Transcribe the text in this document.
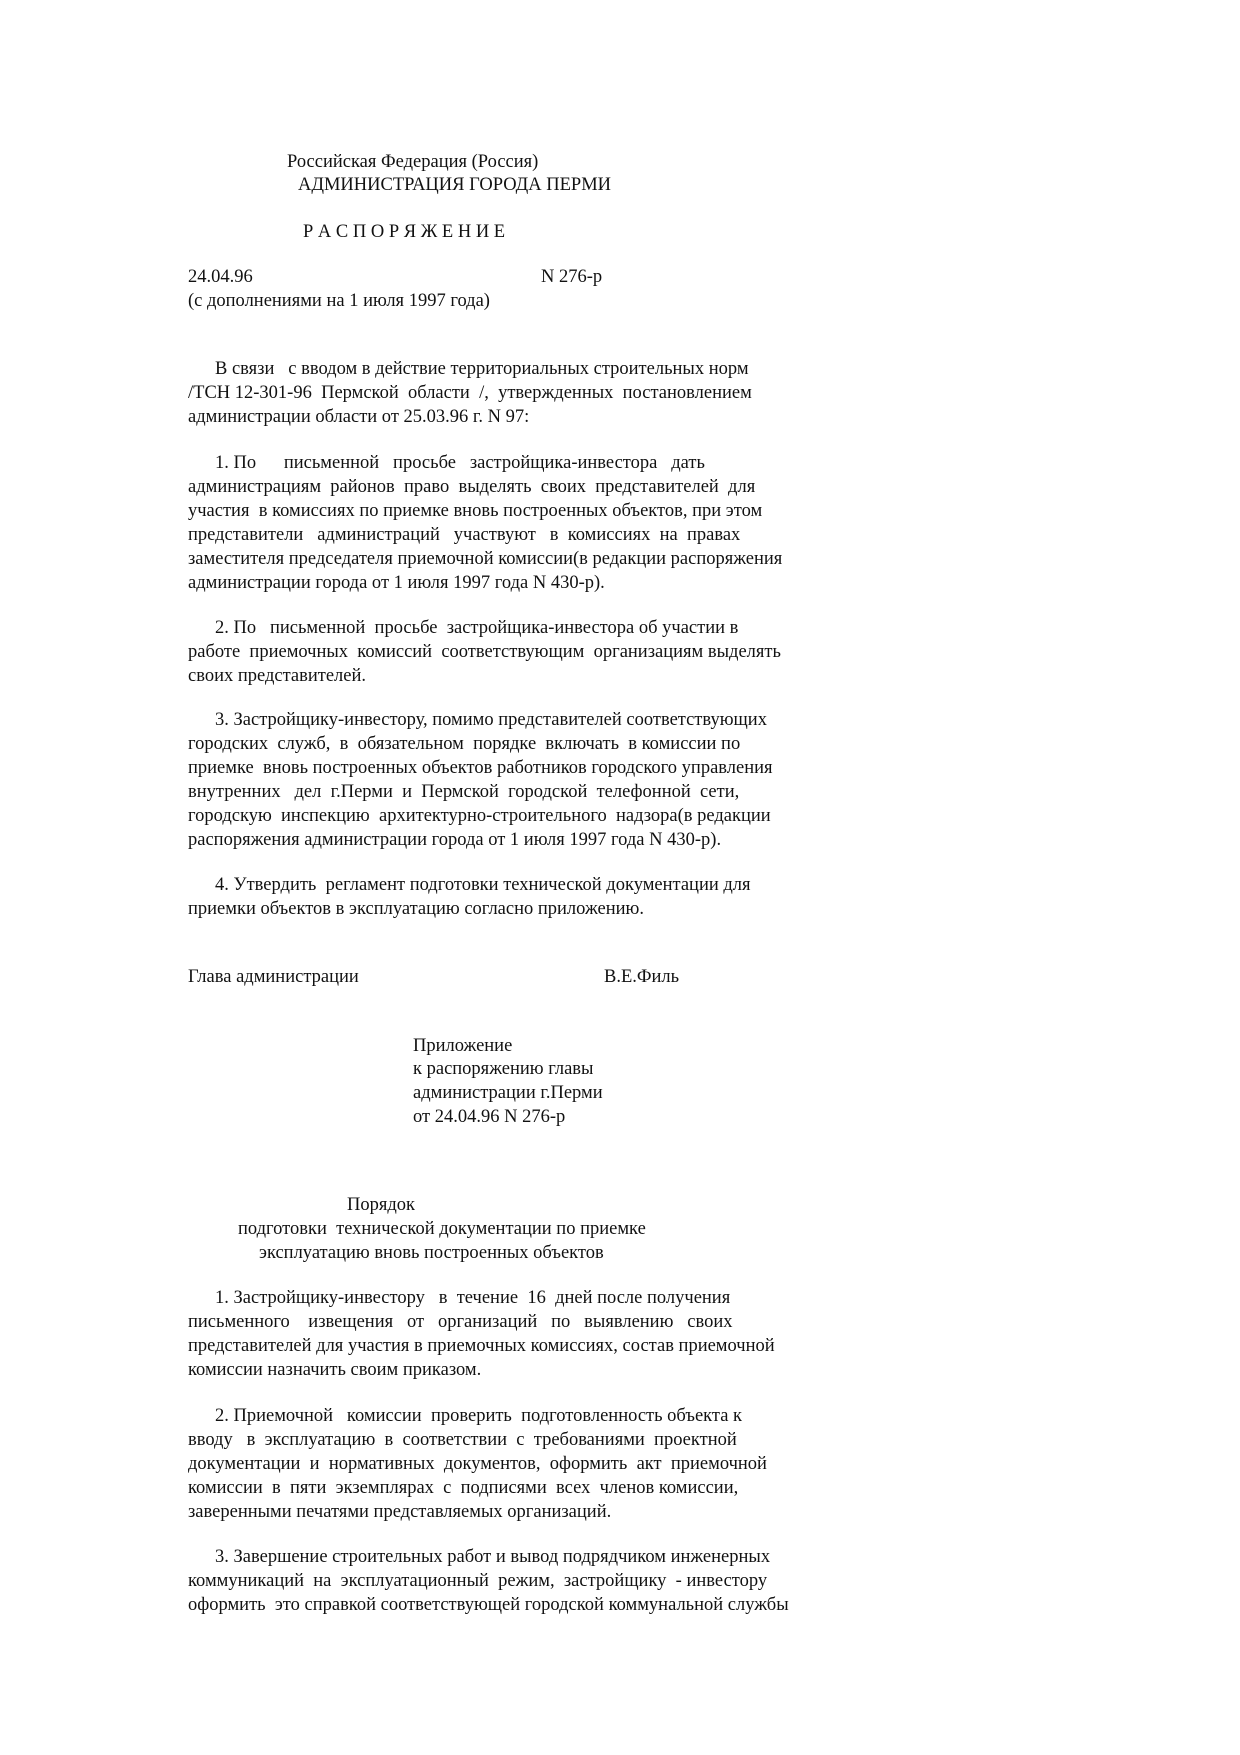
Российская Федерация (Россия)

АДМИНИСТРАЦИЯ ГОРОДА ПЕРМИ

Р А С П О Р Я Ж Е Н И Е

24.04.96	N 276-р

(с дополнениями на 1 июля 1997 года)

В связи   с вводом в действие территориальных строительных норм

/ТСН 12-301-96  Пермской  области  /,  утвержденных  постановлением

администрации области от 25.03.96 г. N 97:

1. По      письменной   просьбе   застройщика-инвестора   дать

администрациям  районов  право  выделять  своих  представителей  для

участия  в комиссиях по приемке вновь построенных объектов, при этом

представители   администраций   участвуют   в  комиссиях  на  правах

заместителя председателя приемочной комиссии(в редакции распоряжения

администрации города от 1 июля 1997 года N 430-р).

2. По   письменной  просьбе  застройщика-инвестора об участии в

работе  приемочных  комиссий  соответствующим  организациям выделять

своих представителей.

3. Застройщику-инвестору, помимо представителей соответствующих

городских  служб,  в  обязательном  порядке  включать  в комиссии по

приемке  вновь построенных объектов работников городского управления

внутренних   дел  г.Перми  и  Пермской  городской  телефонной  сети,

городскую  инспекцию  архитектурно-строительного  надзора(в редакции

распоряжения администрации города от 1 июля 1997 года N 430-р).

4. Утвердить  регламент подготовки технической документации для

приемки объектов в эксплуатацию согласно приложению.

Глава администрации	В.Е.Филь

Приложение

к распоряжению главы

администрации г.Перми

от 24.04.96 N 276-р

Порядок

подготовки  технической документации по приемке

эксплуатацию вновь построенных объектов

1. Застройщику-инвестору   в  течение  16  дней после получения

письменного    извещения   от   организаций   по   выявлению   своих

представителей для участия в приемочных комиссиях, состав приемочной

комиссии назначить своим приказом.

2. Приемочной   комиссии  проверить  подготовленность объекта к

вводу   в  эксплуатацию  в  соответствии  с  требованиями  проектной

документации  и  нормативных  документов,  оформить  акт  приемочной

комиссии  в  пяти  экземплярах  с  подписями  всех  членов комиссии,

заверенными печатями представляемых организаций.

3. Завершение строительных работ и вывод подрядчиком инженерных

коммуникаций  на  эксплуатационный  режим,  застройщику  - инвестору

оформить  это справкой соответствующей городской коммунальной службы
